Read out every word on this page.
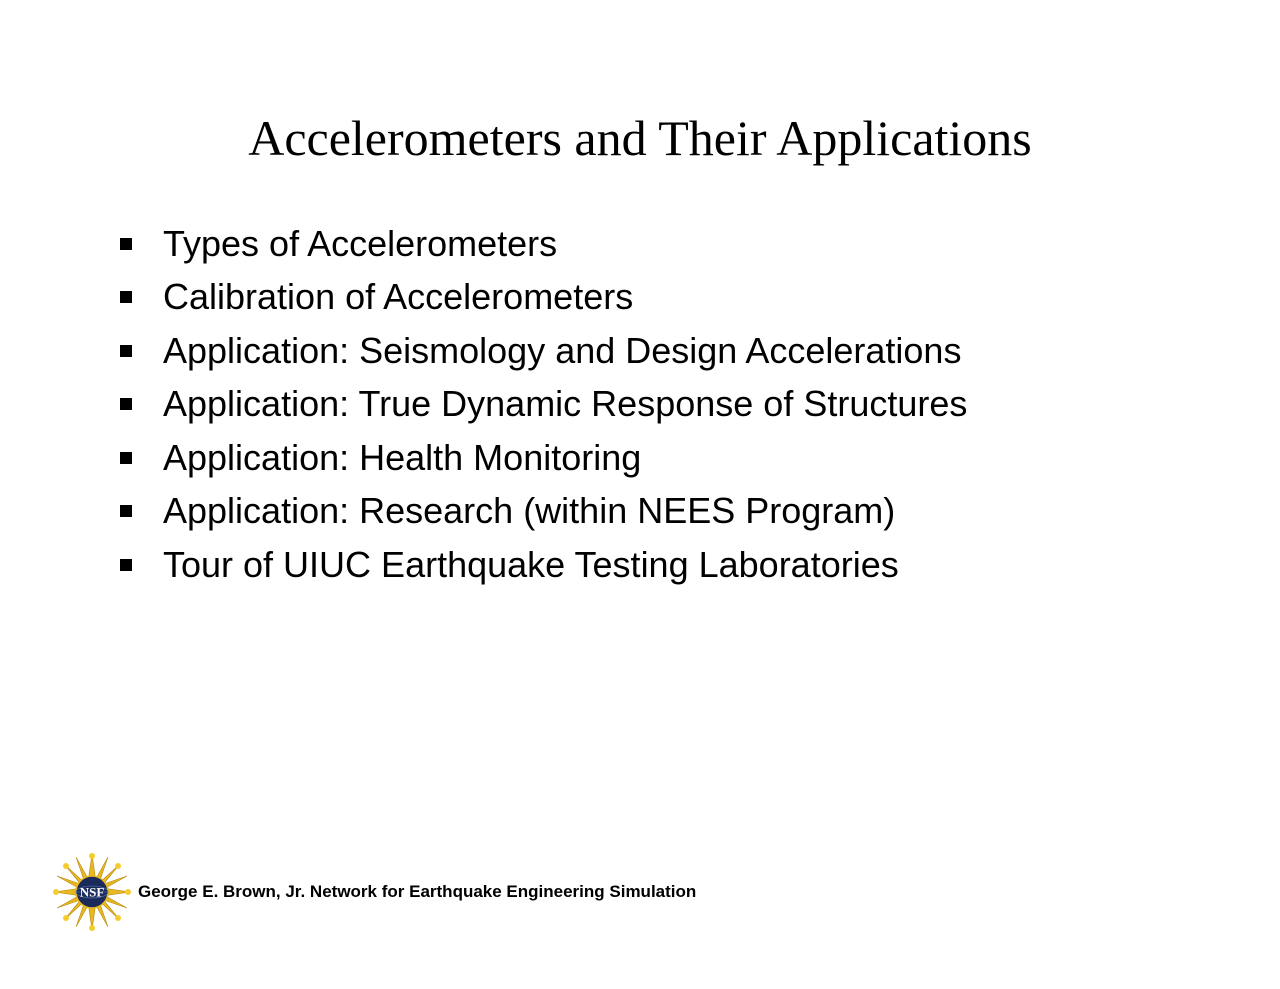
Accelerometers and Their Applications
Types of Accelerometers
Calibration of Accelerometers
Application: Seismology and Design Accelerations
Application: True Dynamic Response of Structures
Application: Health Monitoring
Application: Research (within NEES Program)
Tour of UIUC Earthquake Testing Laboratories
NSF George E. Brown, Jr. Network for Earthquake Engineering Simulation
